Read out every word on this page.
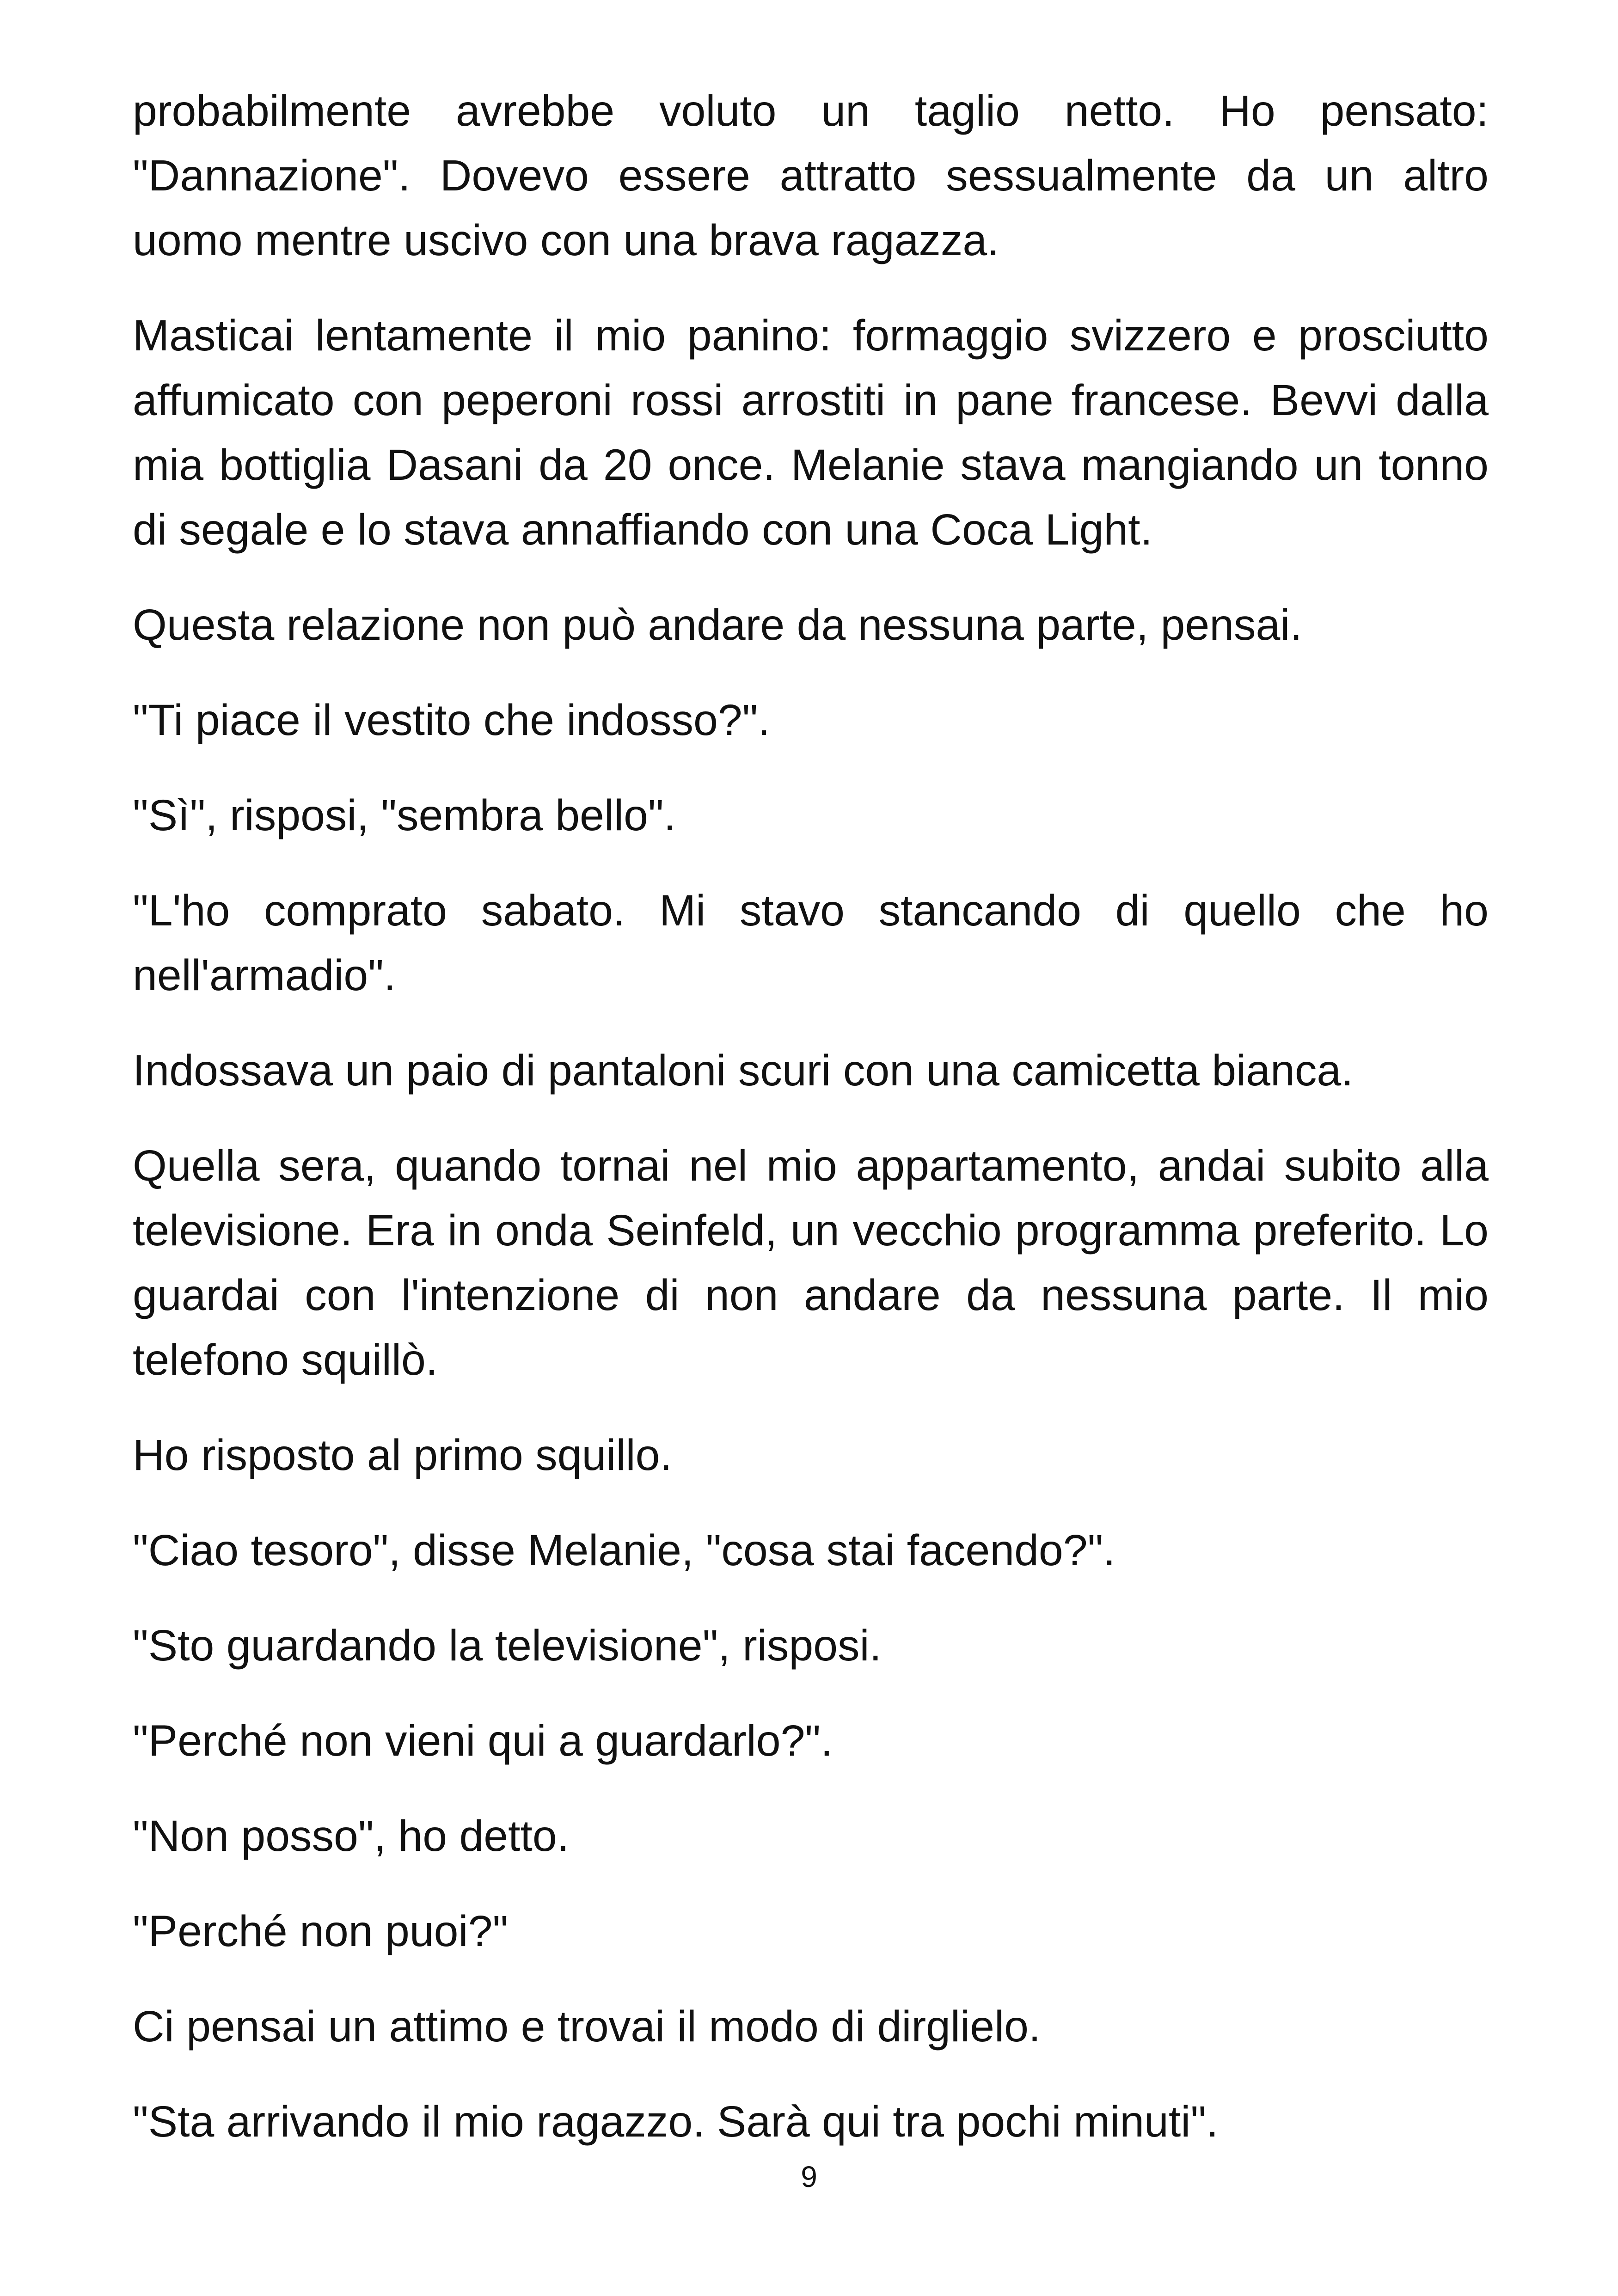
probabilmente avrebbe voluto un taglio netto. Ho pensato: "Dannazione". Dovevo essere attratto sessualmente da un altro uomo mentre uscivo con una brava ragazza.

Masticai lentamente il mio panino: formaggio svizzero e prosciutto affumicato con peperoni rossi arrostiti in pane francese. Bevvi dalla mia bottiglia Dasani da 20 once. Melanie stava mangiando un tonno di segale e lo stava annaffiando con una Coca Light.

Questa relazione non può andare da nessuna parte, pensai.

"Ti piace il vestito che indosso?".

"Sì", risposi, "sembra bello".

"L'ho comprato sabato. Mi stavo stancando di quello che ho nell'armadio".

Indossava un paio di pantaloni scuri con una camicetta bianca.

Quella sera, quando tornai nel mio appartamento, andai subito alla televisione. Era in onda Seinfeld, un vecchio programma preferito. Lo guardai con l'intenzione di non andare da nessuna parte. Il mio telefono squillò.

Ho risposto al primo squillo.

"Ciao tesoro", disse Melanie, "cosa stai facendo?".

"Sto guardando la televisione", risposi.

"Perché non vieni qui a guardarlo?".

"Non posso", ho detto.

"Perché non puoi?"

Ci pensai un attimo e trovai il modo di dirglielo.

"Sta arrivando il mio ragazzo. Sarà qui tra pochi minuti".

9
